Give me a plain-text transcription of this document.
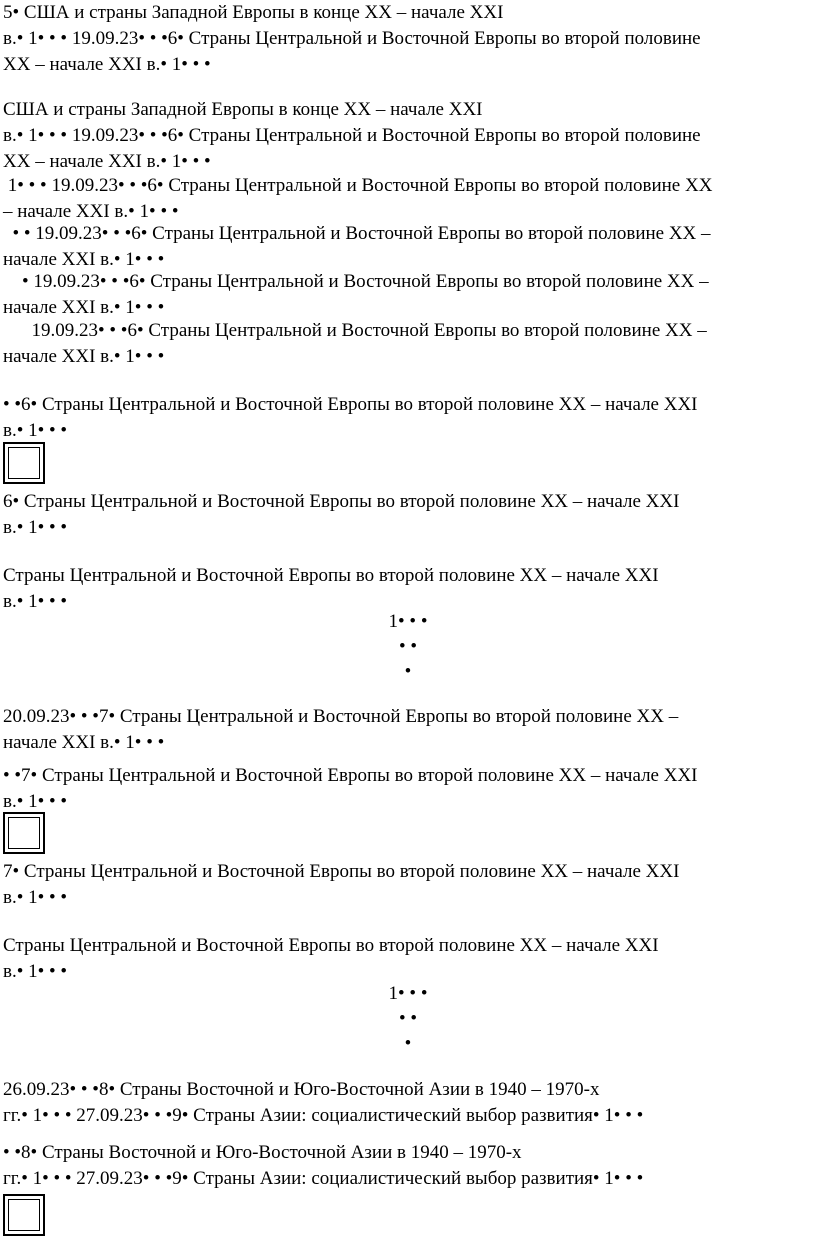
5• США и страны Западной Европы в конце XX – начале XXI
в.• 1• • • 19.09.23• • •6• Страны Центральной и Восточной Европы во второй половине
XX – начале XXI в.• 1• • •
США и страны Западной Европы в конце XX – начале XXI
в.• 1• • • 19.09.23• • •6• Страны Центральной и Восточной Европы во второй половине
XX – начале XXI в.• 1• • •
1• • • 19.09.23• • •6• Страны Центральной и Восточной Европы во второй половине XX
– начале XXI в.• 1• • •
• • 19.09.23• • •6• Страны Центральной и Восточной Европы во второй половине XX –
начале XXI в.• 1• • •
• 19.09.23• • •6• Страны Центральной и Восточной Европы во второй половине XX –
начале XXI в.• 1• • •
19.09.23• • •6• Страны Центральной и Восточной Европы во второй половине XX –
начале XXI в.• 1• • •
• •6• Страны Центральной и Восточной Европы во второй половине XX – начале XXI
в.• 1• • •
6• Страны Центральной и Восточной Европы во второй половине XX – начале XXI
в.• 1• • •
Страны Центральной и Восточной Европы во второй половине XX – начале XXI
в.• 1• • •
1• • •
• •
•
20.09.23• • •7• Страны Центральной и Восточной Европы во второй половине XX –
начале XXI в.• 1• • •
• •7• Страны Центральной и Восточной Европы во второй половине XX – начале XXI
в.• 1• • •
7• Страны Центральной и Восточной Европы во второй половине XX – начале XXI
в.• 1• • •
Страны Центральной и Восточной Европы во второй половине XX – начале XXI
в.• 1• • •
1• • •
• •
•
26.09.23• • •8• Страны Восточной и Юго-Восточной Азии в 1940 – 1970-х
гг.• 1• • • 27.09.23• • •9• Страны Азии: социалистический выбор развития• 1• • •
• •8• Страны Восточной и Юго-Восточной Азии в 1940 – 1970-х
гг.• 1• • • 27.09.23• • •9• Страны Азии: социалистический выбор развития• 1• • •
